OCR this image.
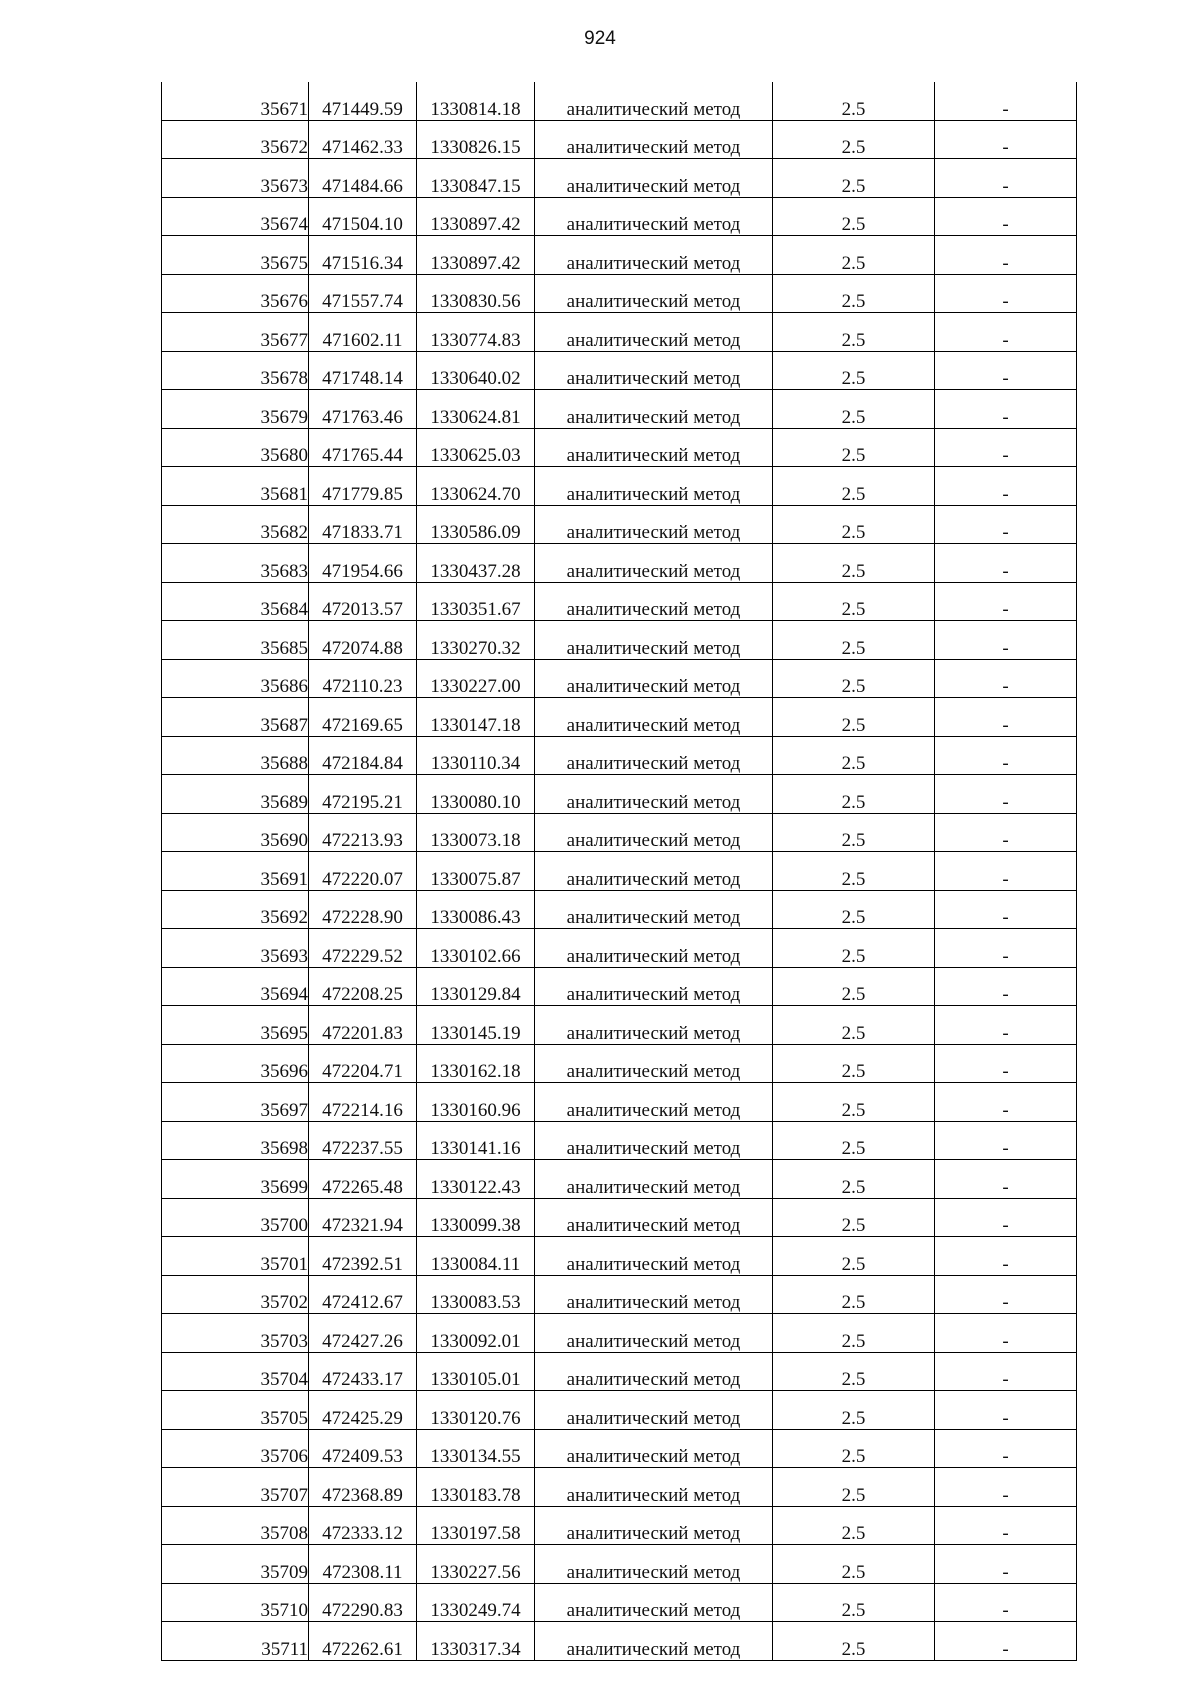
924
35671	471449.59	1330814.18	аналитический метод	2.5	-
35672	471462.33	1330826.15	аналитический метод	2.5	-
35673	471484.66	1330847.15	аналитический метод	2.5	-
35674	471504.10	1330897.42	аналитический метод	2.5	-
35675	471516.34	1330897.42	аналитический метод	2.5	-
35676	471557.74	1330830.56	аналитический метод	2.5	-
35677	471602.11	1330774.83	аналитический метод	2.5	-
35678	471748.14	1330640.02	аналитический метод	2.5	-
35679	471763.46	1330624.81	аналитический метод	2.5	-
35680	471765.44	1330625.03	аналитический метод	2.5	-
35681	471779.85	1330624.70	аналитический метод	2.5	-
35682	471833.71	1330586.09	аналитический метод	2.5	-
35683	471954.66	1330437.28	аналитический метод	2.5	-
35684	472013.57	1330351.67	аналитический метод	2.5	-
35685	472074.88	1330270.32	аналитический метод	2.5	-
35686	472110.23	1330227.00	аналитический метод	2.5	-
35687	472169.65	1330147.18	аналитический метод	2.5	-
35688	472184.84	1330110.34	аналитический метод	2.5	-
35689	472195.21	1330080.10	аналитический метод	2.5	-
35690	472213.93	1330073.18	аналитический метод	2.5	-
35691	472220.07	1330075.87	аналитический метод	2.5	-
35692	472228.90	1330086.43	аналитический метод	2.5	-
35693	472229.52	1330102.66	аналитический метод	2.5	-
35694	472208.25	1330129.84	аналитический метод	2.5	-
35695	472201.83	1330145.19	аналитический метод	2.5	-
35696	472204.71	1330162.18	аналитический метод	2.5	-
35697	472214.16	1330160.96	аналитический метод	2.5	-
35698	472237.55	1330141.16	аналитический метод	2.5	-
35699	472265.48	1330122.43	аналитический метод	2.5	-
35700	472321.94	1330099.38	аналитический метод	2.5	-
35701	472392.51	1330084.11	аналитический метод	2.5	-
35702	472412.67	1330083.53	аналитический метод	2.5	-
35703	472427.26	1330092.01	аналитический метод	2.5	-
35704	472433.17	1330105.01	аналитический метод	2.5	-
35705	472425.29	1330120.76	аналитический метод	2.5	-
35706	472409.53	1330134.55	аналитический метод	2.5	-
35707	472368.89	1330183.78	аналитический метод	2.5	-
35708	472333.12	1330197.58	аналитический метод	2.5	-
35709	472308.11	1330227.56	аналитический метод	2.5	-
35710	472290.83	1330249.74	аналитический метод	2.5	-
35711	472262.61	1330317.34	аналитический метод	2.5	-
